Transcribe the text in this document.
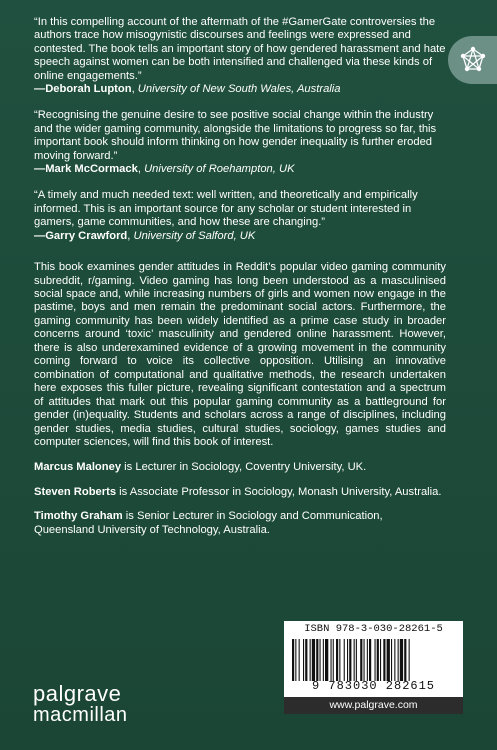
“In this compelling account of the aftermath of the #GamerGate controversies the authors trace how misogynistic discourses and feelings were expressed and contested. The book tells an important story of how gendered harassment and hate speech against women can be both intensified and challenged via these kinds of online engagements.”

—Deborah Lupton, University of New South Wales, Australia

“Recognising the genuine desire to see positive social change within the industry and the wider gaming community, alongside the limitations to progress so far, this important book should inform thinking on how gender inequality is further eroded moving forward.”

—Mark McCormack, University of Roehampton, UK

“A timely and much needed text: well written, and theoretically and empirically informed. This is an important source for any scholar or student interested in gamers, game communities, and how these are changing.”

—Garry Crawford, University of Salford, UK

This book examines gender attitudes in Reddit’s popular video gaming community subreddit, r/gaming. Video gaming has long been understood as a masculinised social space and, while increasing numbers of girls and women now engage in the pastime, boys and men remain the predominant social actors. Furthermore, the gaming community has been widely identified as a prime case study in broader concerns around ‘toxic’ masculinity and gendered online harassment. However, there is also underexamined evidence of a growing movement in the community coming forward to voice its collective opposition. Utilising an innovative combination of computational and qualitative methods, the research undertaken here exposes this fuller picture, revealing significant contestation and a spectrum of attitudes that mark out this popular gaming community as a battleground for gender (in)equality. Students and scholars across a range of disciplines, including gender studies, media studies, cultural studies, sociology, games studies and computer sciences, will find this book of interest.

Marcus Maloney is Lecturer in Sociology, Coventry University, UK.

Steven Roberts is Associate Professor in Sociology, Monash University, Australia.

Timothy Graham is Senior Lecturer in Sociology and Communication, Queensland University of Technology, Australia.

ISBN 978-3-030-28261-5
9 783030 282615
www.palgrave.com
palgrave
macmillan
